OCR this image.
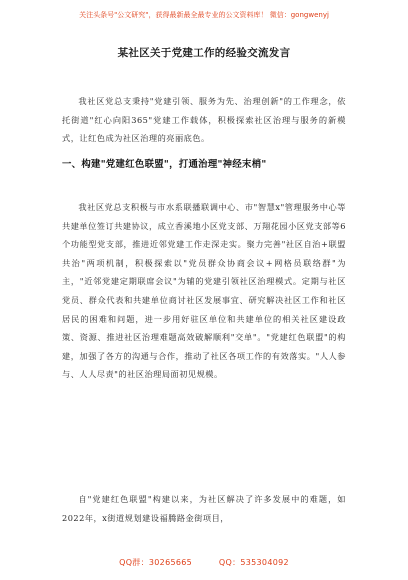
关注头条号"公文研究"，获得最新最全最专业的公文资料库！ 微信：gongwenyj
某社区关于党建工作的经验交流发言
我社区党总支秉持"党建引领、服务为先、治理创新"的工作理念，依托街道"红心向阳365"党建工作载体，积极探索社区治理与服务的新模式，让红色成为社区治理的亮丽底色。
一、构建"党建红色联盟"，打通治理"神经末梢"
我社区党总支积极与市水系联播联调中心、市"智慧x"管理服务中心等共建单位签订共建协议，成立香溪地小区党支部、万翔花园小区党支部等6个功能型党支部，推进近邻党建工作走深走实。聚力完善"社区自治+联盟共治"两项机制，积极探索以"党员群众协商会议+网格员联络群"为主，"近邻党建定期联席会议"为辅的党建引领社区治理模式。定期与社区党员、群众代表和共建单位商讨社区发展事宜、研究解决社区工作和社区居民的困难和问题，进一步用好驻区单位和共建单位的相关社区建设政策、资源、推进社区治理难题高效破解顺利"交单"。"党建红色联盟"的构建，加强了各方的沟通与合作，推动了社区各项工作的有效落实。"人人参与、人人尽责"的社区治理局面初见规模。
自"党建红色联盟"构建以来，为社区解决了许多发展中的难题，如2022年，x街道规划建设福腾路金街项目，
QQ群：30265665	QQ：535304092
